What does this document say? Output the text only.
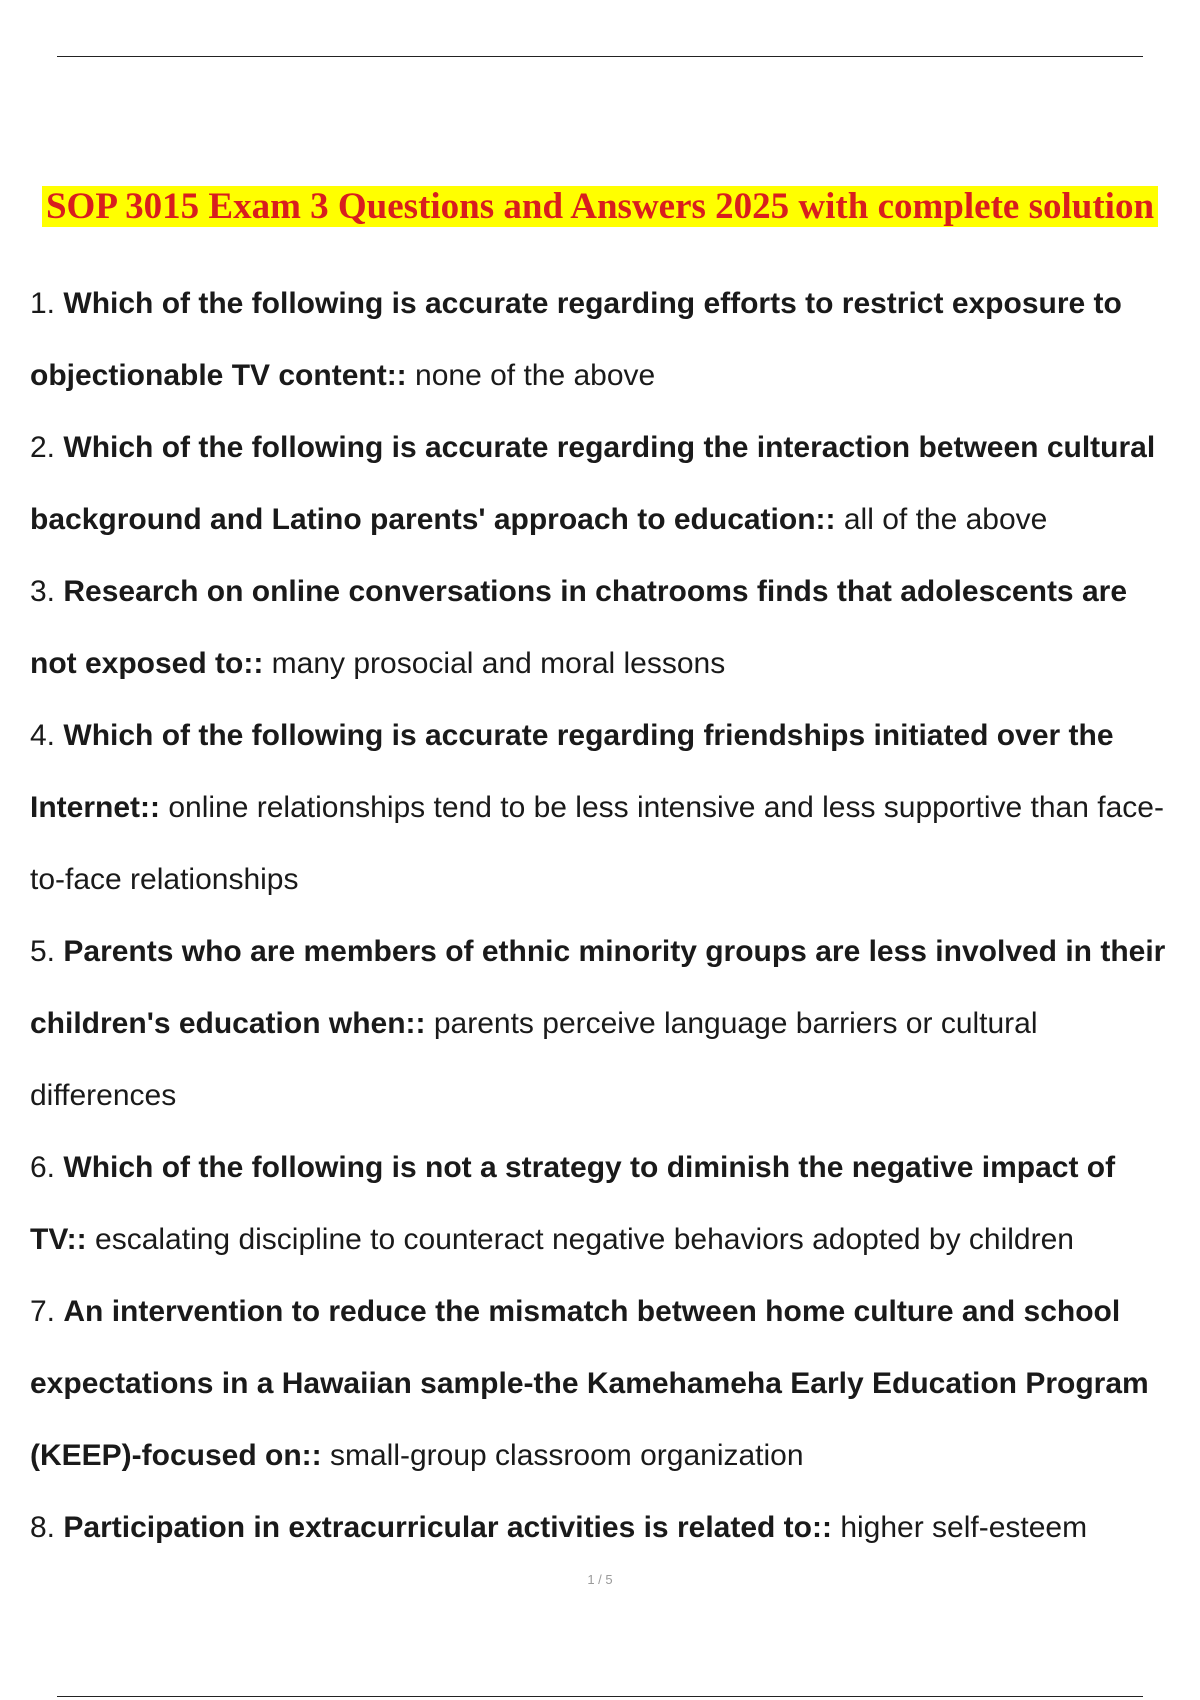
SOP 3015 Exam 3 Questions and Answers 2025 with complete solution

1. Which of the following is accurate regarding efforts to restrict exposure to objectionable TV content:: none of the above

2. Which of the following is accurate regarding the interaction between cultural background and Latino parents' approach to education:: all of the above

3. Research on online conversations in chatrooms finds that adolescents are not exposed to:: many prosocial and moral lessons

4. Which of the following is accurate regarding friendships initiated over the Internet:: online relationships tend to be less intensive and less supportive than face-to-face relationships

5. Parents who are members of ethnic minority groups are less involved in their children's education when:: parents perceive language barriers or cultural differences

6. Which of the following is not a strategy to diminish the negative impact of TV:: escalating discipline to counteract negative behaviors adopted by children

7. An intervention to reduce the mismatch between home culture and school expectations in a Hawaiian sample-the Kamehameha Early Education Program (KEEP)-focused on:: small-group classroom organization

8. Participation in extracurricular activities is related to:: higher self-esteem

1 / 5
